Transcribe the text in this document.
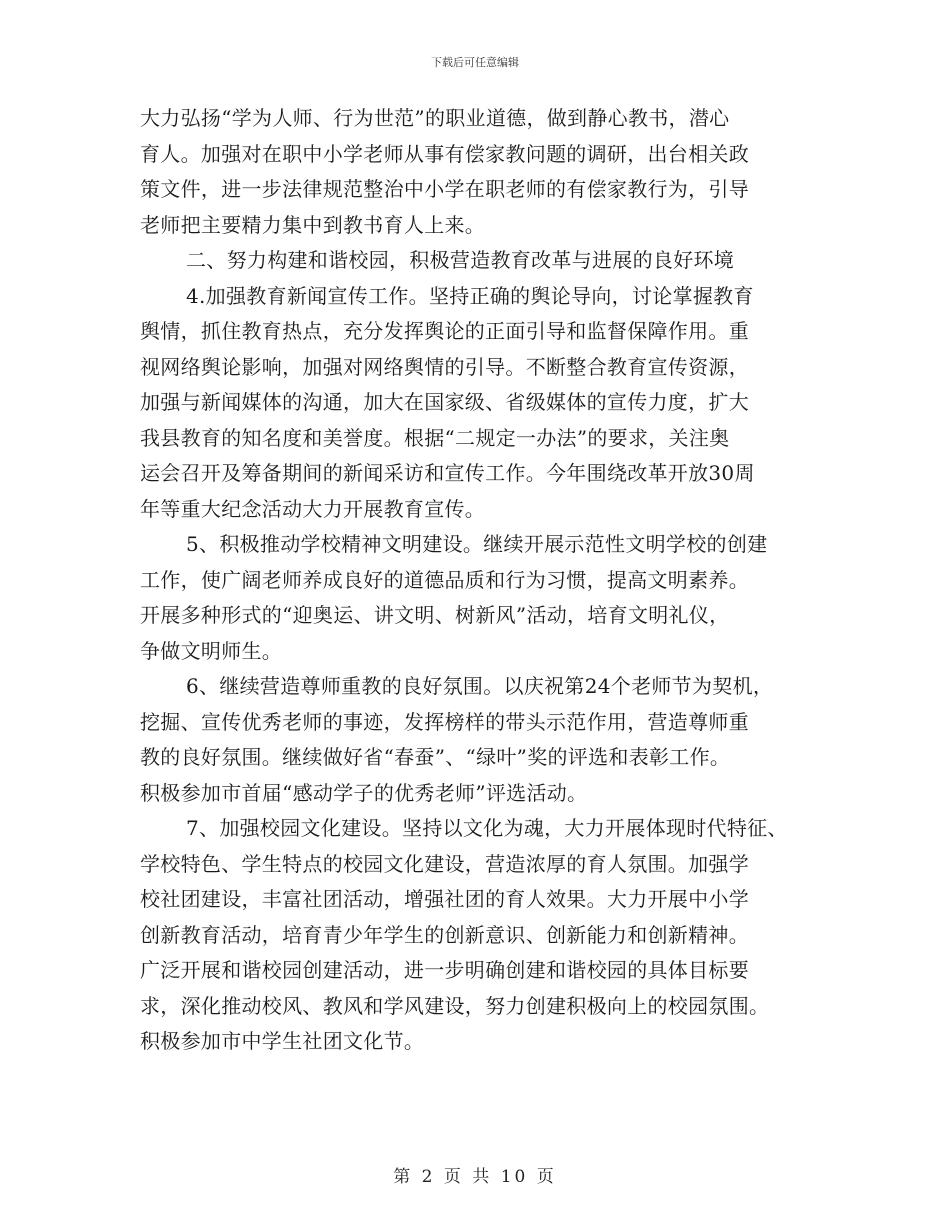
下载后可任意编辑
大力弘扬“学为人师、行为世范”的职业道德，做到静心教书，潜心
育人。加强对在职中小学老师从事有偿家教问题的调研，出台相关政
策文件，进一步法律规范整治中小学在职老师的有偿家教行为，引导
老师把主要精力集中到教书育人上来。
二、努力构建和谐校园，积极营造教育改革与进展的良好环境
4.加强教育新闻宣传工作。坚持正确的舆论导向，讨论掌握教育
舆情，抓住教育热点，充分发挥舆论的正面引导和监督保障作用。重
视网络舆论影响，加强对网络舆情的引导。不断整合教育宣传资源，
加强与新闻媒体的沟通，加大在国家级、省级媒体的宣传力度，扩大
我县教育的知名度和美誉度。根据“二规定一办法”的要求，关注奥
运会召开及筹备期间的新闻采访和宣传工作。今年围绕改革开放30周
年等重大纪念活动大力开展教育宣传。
5、积极推动学校精神文明建设。继续开展示范性文明学校的创建
工作，使广阔老师养成良好的道德品质和行为习惯，提高文明素养。
开展多种形式的“迎奥运、讲文明、树新风”活动，培育文明礼仪，
争做文明师生。
6、继续营造尊师重教的良好氛围。以庆祝第24个老师节为契机，
挖掘、宣传优秀老师的事迹，发挥榜样的带头示范作用，营造尊师重
教的良好氛围。继续做好省“春蚕”、“绿叶”奖的评选和表彰工作。
积极参加市首届“感动学子的优秀老师”评选活动。
7、加强校园文化建设。坚持以文化为魂，大力开展体现时代特征、
学校特色、学生特点的校园文化建设，营造浓厚的育人氛围。加强学
校社团建设，丰富社团活动，增强社团的育人效果。大力开展中小学
创新教育活动，培育青少年学生的创新意识、创新能力和创新精神。
广泛开展和谐校园创建活动，进一步明确创建和谐校园的具体目标要
求，深化推动校风、教风和学风建设，努力创建积极向上的校园氛围。
积极参加市中学生社团文化节。
第 2 页 共 10 页
